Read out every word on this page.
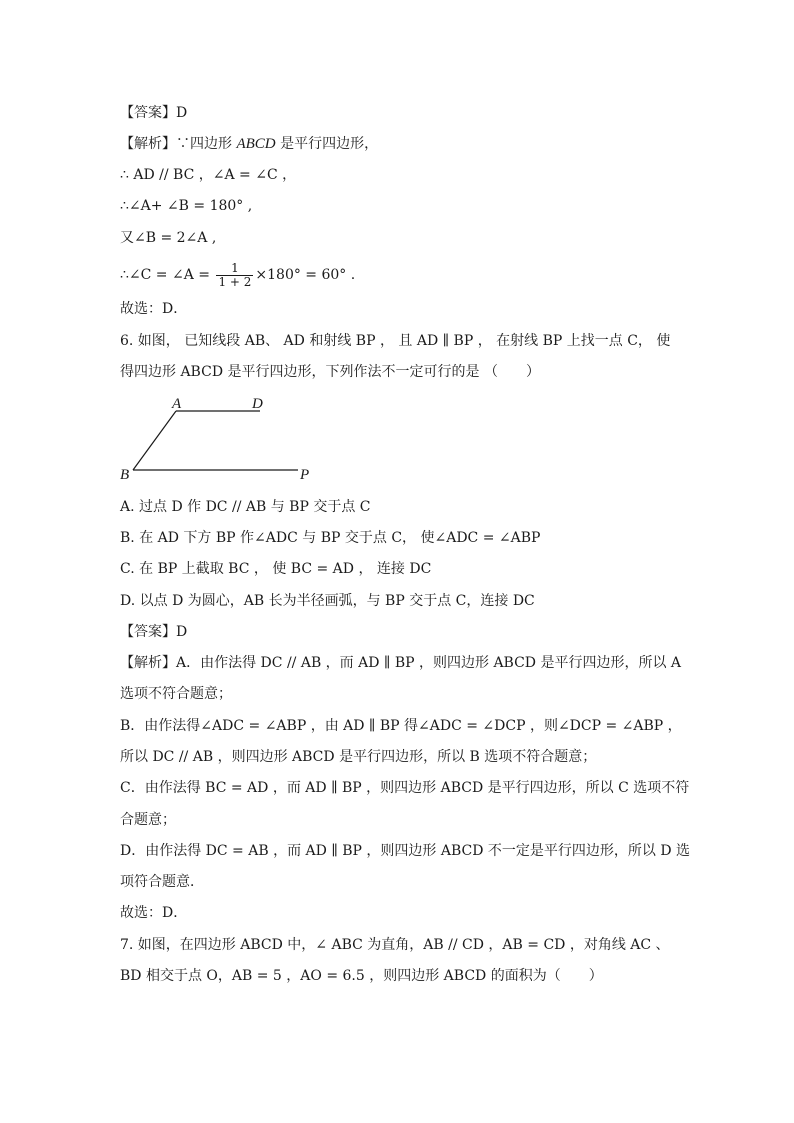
【答案】D
【解析】∵四边形 ABCD 是平行四边形，
∴ AD // BC ，∠A = ∠C ，
∴∠A+ ∠B = 180° ,
又∠B = 2∠A ,
∴∠C = ∠A = $\frac{1}{1 + 2} \times 180^\circ = 60^\circ$ .
故选：D．
6. 如图， 已知线段 AB、 AD 和射线 BP ， 且 AD ∥ BP ， 在射线 BP 上找一点 C， 使
得四边形 ABCD 是平行四边形，下列作法不一定可行的是 （　　）
A	D
B	P
A. 过点 D 作 DC // AB 与 BP 交于点 C
B. 在 AD 下方 BP 作∠ADC 与 BP 交于点 C， 使∠ADC = ∠ABP
C. 在 BP 上截取 BC ， 使 BC = AD ， 连接 DC
D. 以点 D 为圆心，AB 长为半径画弧，与 BP 交于点 C，连接 DC
【答案】D
【解析】A．由作法得 DC // AB ，而 AD ∥ BP ，则四边形 ABCD 是平行四边形，所以 A
选项不符合题意；
B．由作法得∠ADC = ∠ABP ，由 AD ∥ BP 得∠ADC = ∠DCP ，则∠DCP = ∠ABP ，
所以 DC // AB ，则四边形 ABCD 是平行四边形，所以 B 选项不符合题意；
C．由作法得 BC = AD ，而 AD ∥ BP ，则四边形 ABCD 是平行四边形，所以 C 选项不符
合题意；
D．由作法得 DC = AB ，而 AD ∥ BP ，则四边形 ABCD 不一定是平行四边形，所以 D 选
项符合题意．
故选：D．
7. 如图，在四边形 ABCD 中，∠ ABC 为直角，AB // CD ，AB = CD ，对角线 AC 、
BD 相交于点 O，AB = 5 ，AO = 6.5 ，则四边形 ABCD 的面积为（　　）
